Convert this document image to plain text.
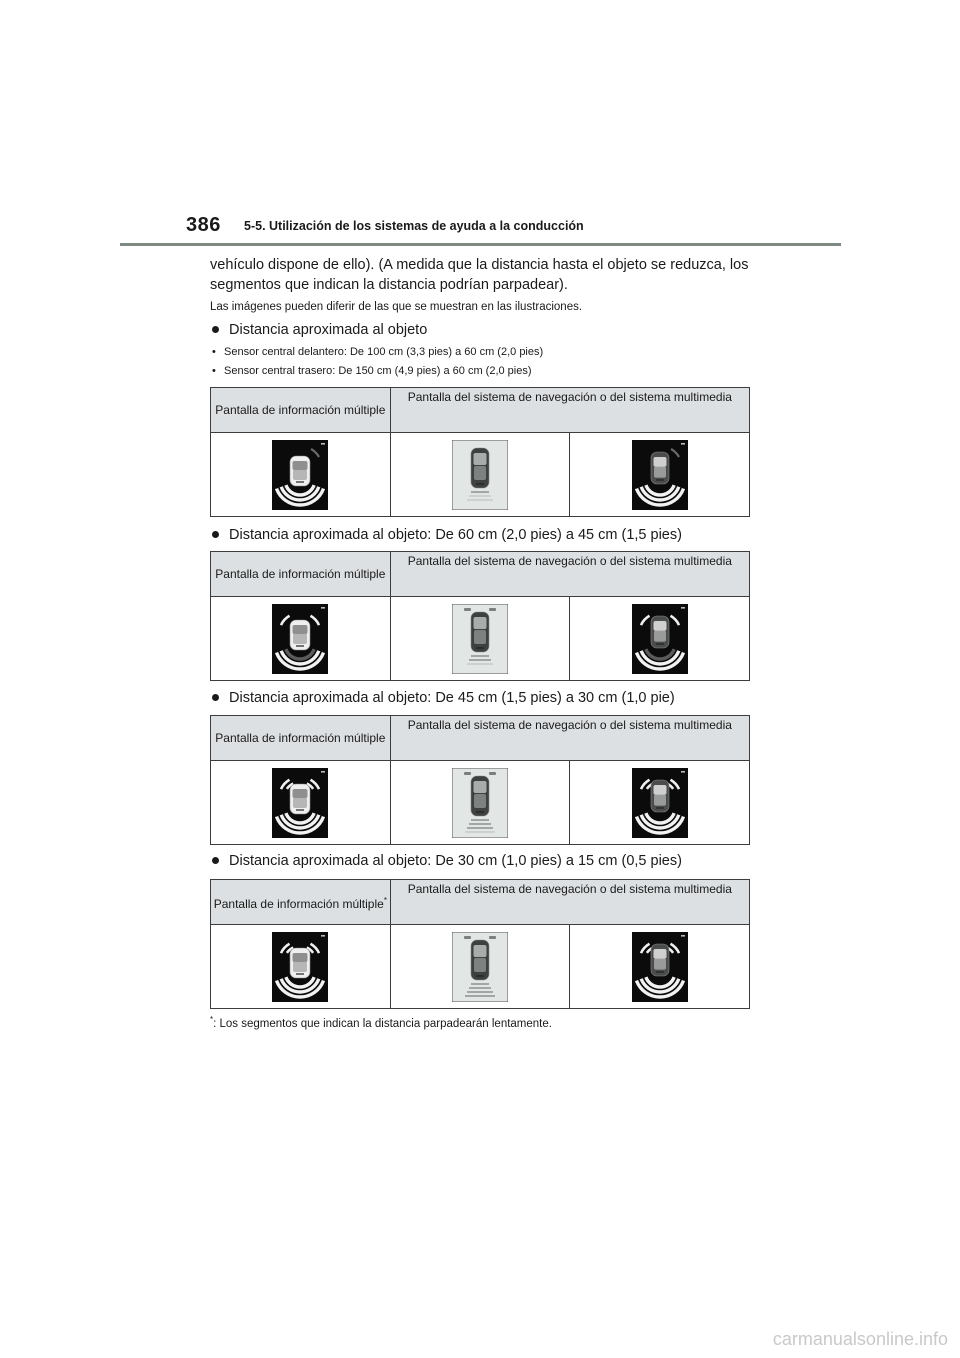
386 5-5. Utilización de los sistemas de ayuda a la conducción
vehículo dispone de ello). (A medida que la distancia hasta el objeto se reduzca, los
segmentos que indican la distancia podrían parpadear).
Las imágenes pueden diferir de las que se muestran en las ilustraciones.
Distancia aproximada al objeto
• Sensor central delantero: De 100 cm (3,3 pies) a 60 cm (2,0 pies)
• Sensor central trasero: De 150 cm (4,9 pies) a 60 cm (2,0 pies)
Pantalla de información múltiple	Pantalla del sistema de navegación o del sistema multimedia	

Distancia aproximada al objeto: De 60 cm (2,0 pies) a 45 cm (1,5 pies)
Pantalla de información múltiple	Pantalla del sistema de navegación o del sistema multimedia	

Distancia aproximada al objeto: De 45 cm (1,5 pies) a 30 cm (1,0 pie)
Pantalla de información múltiple	Pantalla del sistema de navegación o del sistema multimedia	

Distancia aproximada al objeto: De 30 cm (1,0 pies) a 15 cm (0,5 pies)
Pantalla de información múltiple*	Pantalla del sistema de navegación o del sistema multimedia	

*: Los segmentos que indican la distancia parpadearán lentamente.
carmanualsonline.info
